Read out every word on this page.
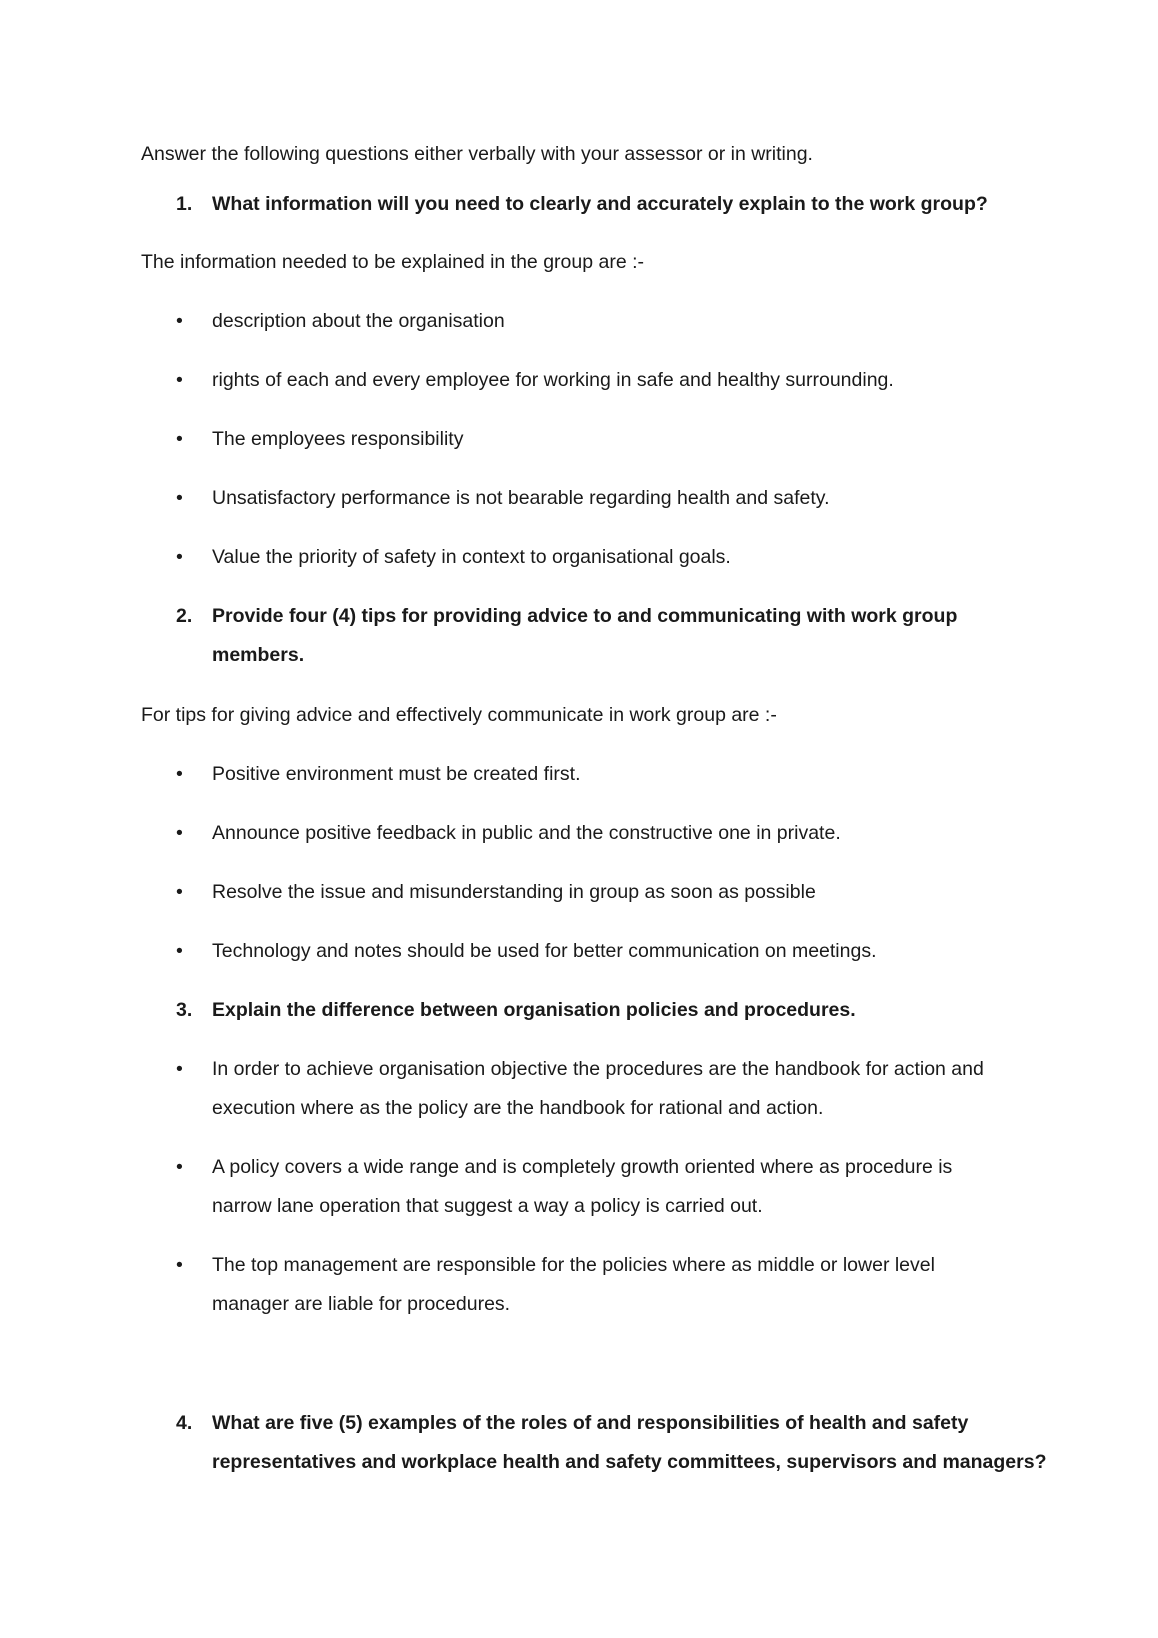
Answer the following questions either verbally with your assessor or in writing.
1. What information will you need to clearly and accurately explain to the work group?
The information needed to be explained in the group are :-
• description about the organisation
• rights of each and every employee for working in safe and healthy surrounding.
• The employees responsibility
• Unsatisfactory performance is not bearable regarding health and safety.
• Value the priority of safety in context to organisational goals.
2. Provide four (4) tips for providing advice to and communicating with work group
members.
For tips for giving advice and effectively communicate in work group are :-
• Positive environment must be created first.
• Announce positive feedback in public and the constructive one in private.
• Resolve the issue and misunderstanding in group as soon as possible
• Technology and notes should be used for better communication on meetings.
3. Explain the difference between organisation policies and procedures.
• In order to achieve organisation objective the procedures are the handbook for action and
execution where as the policy are the handbook for rational and action.
• A policy covers a wide range and is completely growth oriented where as procedure is
narrow lane operation that suggest a way a policy is carried out.
• The top management are responsible for the policies where as middle or lower level
manager are liable for procedures.
4. What are five (5) examples of the roles of and responsibilities of health and safety
representatives and workplace health and safety committees, supervisors and managers?
